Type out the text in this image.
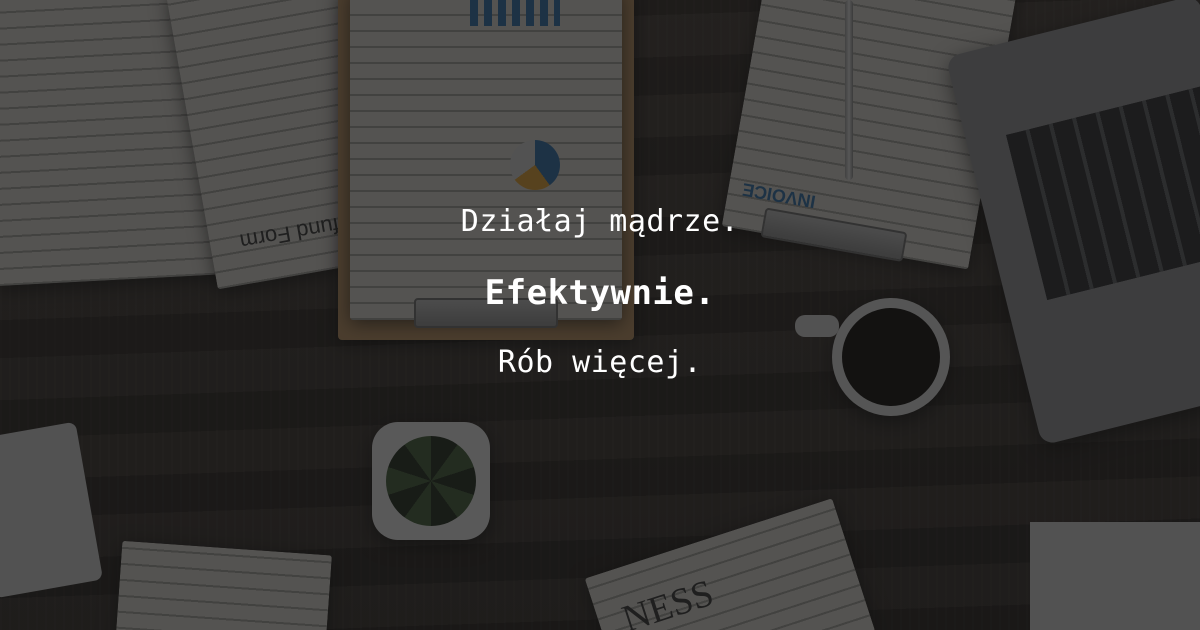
Działaj mądrze.
Efektywnie.
Rób więcej.
